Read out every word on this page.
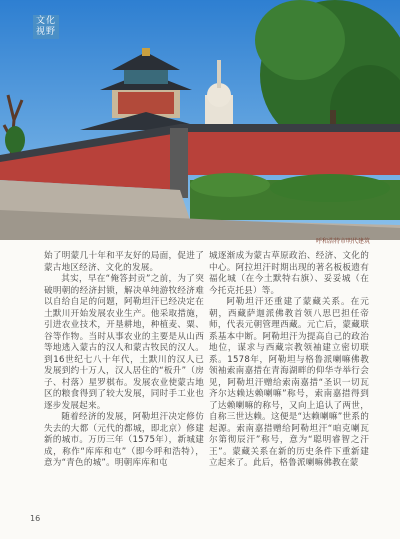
文化
视野
呼和浩特市明代建筑

始了明蒙几十年和平友好的局面，促进了蒙古地区经济、文化的发展。

其实，早在“俺答封贡”之前，为了突破明朝的经济封锁，解决单纯游牧经济难以自给自足的问题，阿勒坦汗已经决定在土默川开始发展农业生产。他采取措施，引进农业技术，开垦耕地，种植麦、粟、谷等作物。当时从事农业的主要是从山西等地逃入蒙古的汉人和蒙古牧民的汉人。到16世纪七八十年代，土默川的汉人已发展到约十万人，汉人居住的“板升”（房子、村落）星罗棋布。发展农业使蒙古地区的粮食得到了较大发展，同时手工业也逐步发展起来。

随着经济的发展，阿勒坦汗决定修仿失去的大都（元代的都城，即北京）修建新的城市。万历三年（1575年），新城建成，称作“库库和屯”（即今呼和浩特），意为“青色的城”。明朝库库和屯

城逐渐成为蒙古草原政治、经济、文化的中心。阿拉坦汗时期出现的著名板板遗有福化城（在今土默特右旗）、妥妥城（在今托克托县）等。

阿勒坦汗还重建了蒙藏关系。在元朝，西藏萨迦派佛教首领八思巴担任帝师，代表元朝管理西藏。元亡后，蒙藏联系基本中断。阿勒坦汗为提高自己的政治地位，谋求与西藏宗教领袖建立密切联系。1578年，阿勒坦与格鲁派喇嘛佛教领袖索南嘉措在青海湖畔的仰华寺举行会见，阿勒坦汗赠给索南嘉措“圣识一切瓦齐尔达赖达赖喇嘛”称号，索南嘉措得到了达赖喇嘛的称号，又向上追认了两世，自称三世达赖。这便是“达赖喇嘛”世系的起源。索南嘉措赠给阿勒坦汗“咱克喇瓦尔第彻辰汗”称号，意为“聪明睿智之汗王”。蒙藏关系在新的历史条件下重新建立起来了。此后，格鲁派喇嘛佛教在蒙

16
